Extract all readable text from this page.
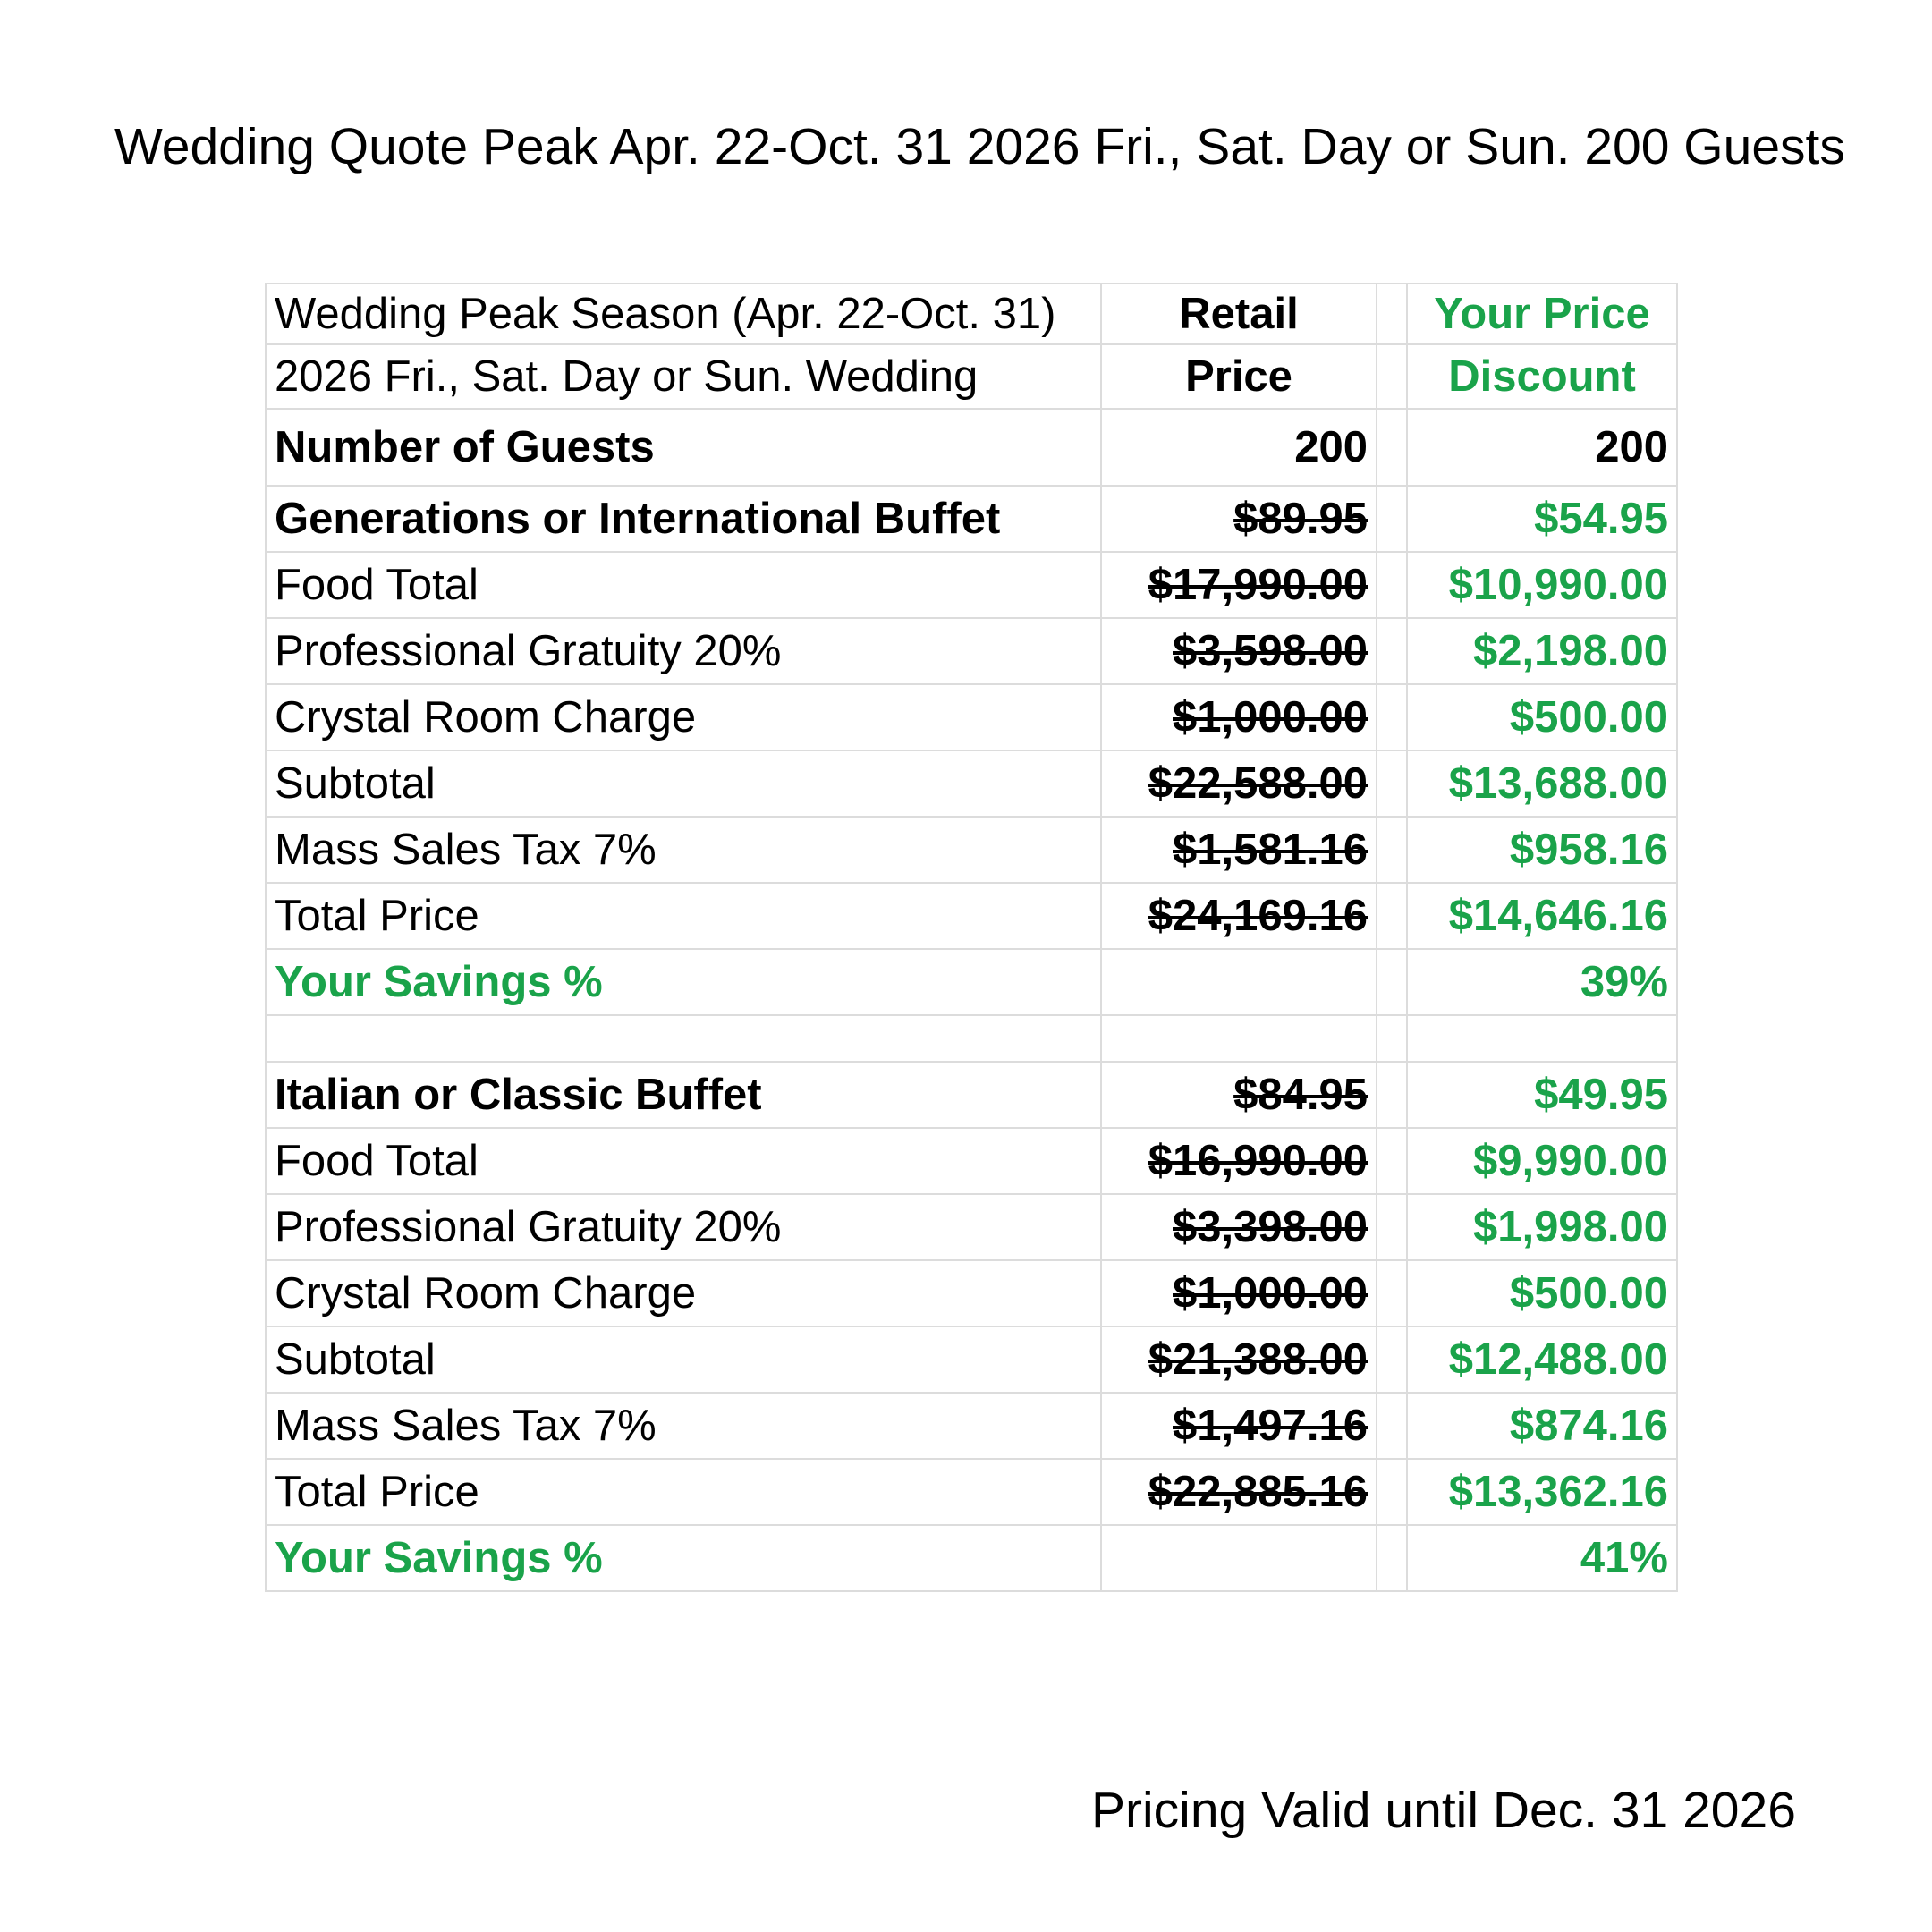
Wedding Quote Peak Apr. 22-Oct. 31 2026 Fri., Sat. Day or Sun. 200 Guests
Wedding Peak Season (Apr. 22-Oct. 31)	Retail		Your Price
2026 Fri., Sat. Day or Sun. Wedding	Price		Discount
Number of Guests	200		200
Generations or International Buffet	$89.95		$54.95
Food Total	$17,990.00		$10,990.00
Professional Gratuity 20%	$3,598.00		$2,198.00
Crystal Room Charge	$1,000.00		$500.00
Subtotal	$22,588.00		$13,688.00
Mass Sales Tax 7%	$1,581.16		$958.16
Total Price	$24,169.16		$14,646.16
Your Savings %			39%

Italian or Classic Buffet	$84.95		$49.95
Food Total	$16,990.00		$9,990.00
Professional Gratuity 20%	$3,398.00		$1,998.00
Crystal Room Charge	$1,000.00		$500.00
Subtotal	$21,388.00		$12,488.00
Mass Sales Tax 7%	$1,497.16		$874.16
Total Price	$22,885.16		$13,362.16
Your Savings %			41%
Pricing Valid until Dec. 31 2026
